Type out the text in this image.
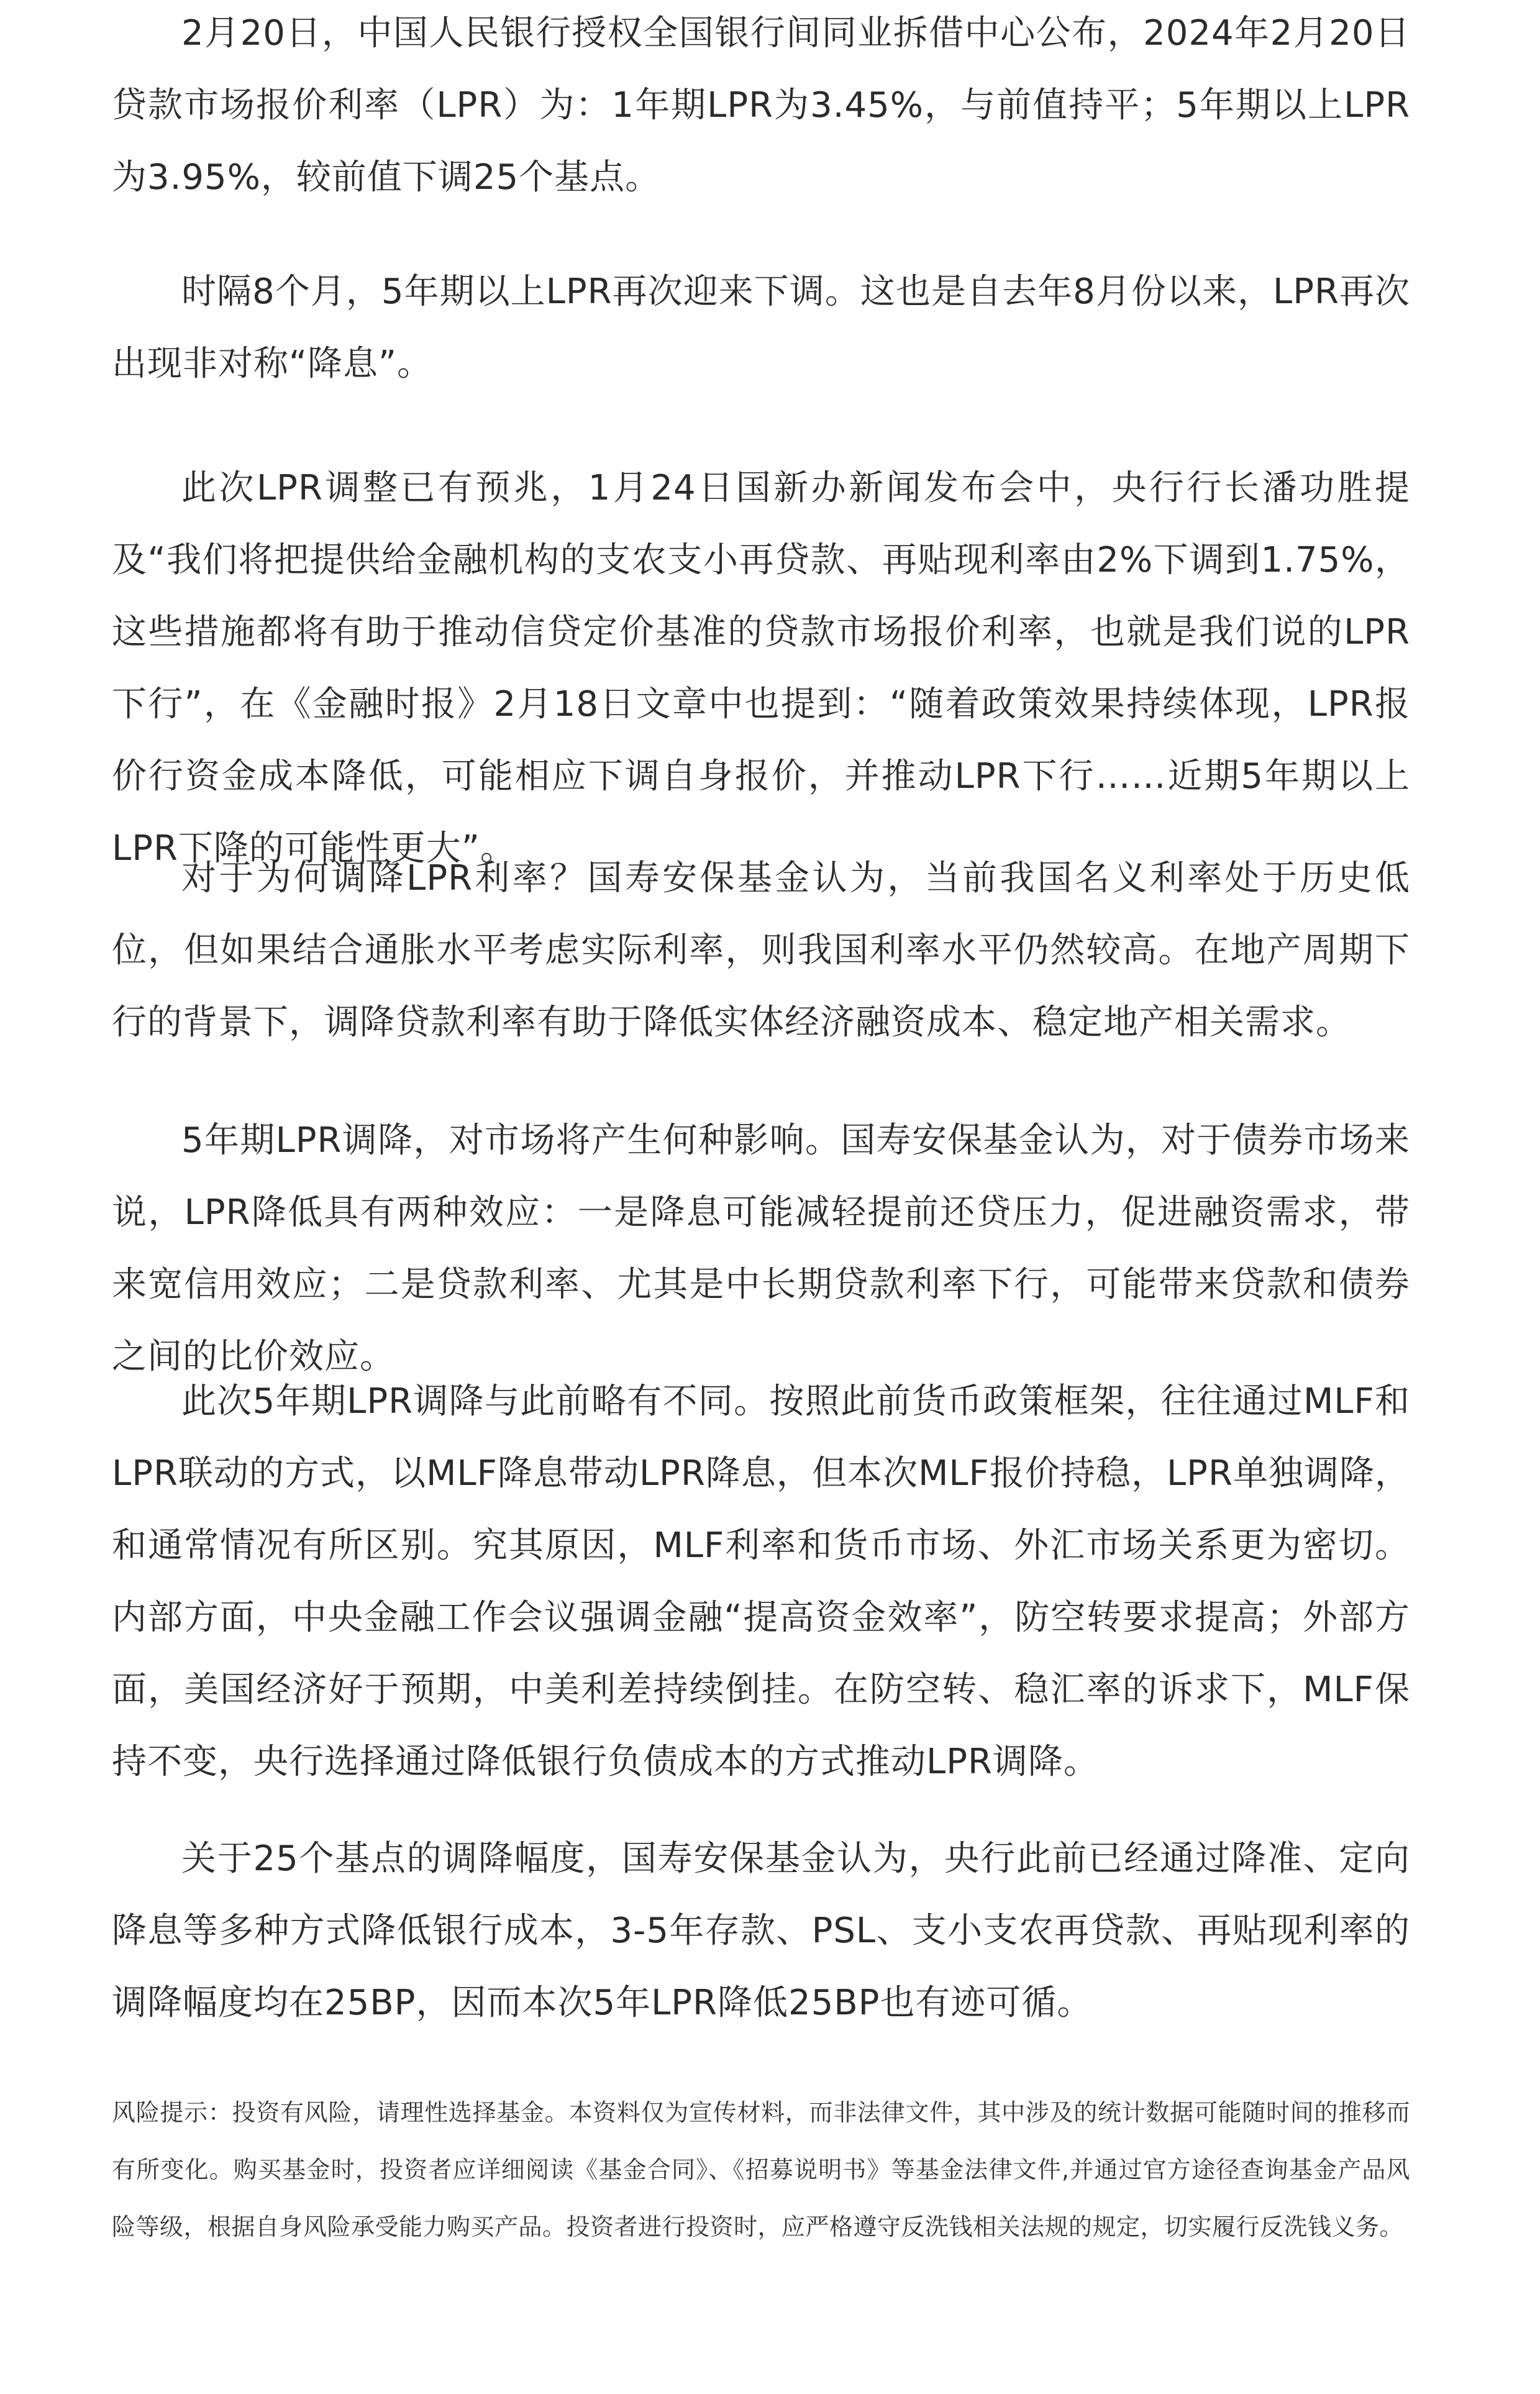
2月20日，中国人民银行授权全国银行间同业拆借中心公布，2024年2月20日贷款市场报价利率（LPR）为：1年期LPR为3.45%，与前值持平；5年期以上LPR为3.95%，较前值下调25个基点。

时隔8个月，5年期以上LPR再次迎来下调。这也是自去年8月份以来，LPR再次出现非对称“降息”。

此次LPR调整已有预兆，1月24日国新办新闻发布会中，央行行长潘功胜提及“我们将把提供给金融机构的支农支小再贷款、再贴现利率由2%下调到1.75%，这些措施都将有助于推动信贷定价基准的贷款市场报价利率，也就是我们说的LPR下行”，在《金融时报》2月18日文章中也提到：“随着政策效果持续体现，LPR报价行资金成本降低，可能相应下调自身报价，并推动LPR下行……近期5年期以上LPR下降的可能性更大”。

对于为何调降LPR利率？国寿安保基金认为，当前我国名义利率处于历史低位，但如果结合通胀水平考虑实际利率，则我国利率水平仍然较高。在地产周期下行的背景下，调降贷款利率有助于降低实体经济融资成本、稳定地产相关需求。

5年期LPR调降，对市场将产生何种影响。国寿安保基金认为，对于债券市场来说，LPR降低具有两种效应：一是降息可能减轻提前还贷压力，促进融资需求，带来宽信用效应；二是贷款利率、尤其是中长期贷款利率下行，可能带来贷款和债券之间的比价效应。

此次5年期LPR调降与此前略有不同。按照此前货币政策框架，往往通过MLF和LPR联动的方式，以MLF降息带动LPR降息，但本次MLF报价持稳，LPR单独调降，和通常情况有所区别。究其原因，MLF利率和货币市场、外汇市场关系更为密切。内部方面，中央金融工作会议强调金融“提高资金效率”，防空转要求提高；外部方面，美国经济好于预期，中美利差持续倒挂。在防空转、稳汇率的诉求下，MLF保持不变，央行选择通过降低银行负债成本的方式推动LPR调降。

关于25个基点的调降幅度，国寿安保基金认为，央行此前已经通过降准、定向降息等多种方式降低银行成本，3-5年存款、PSL、支小支农再贷款、再贴现利率的调降幅度均在25BP，因而本次5年LPR降低25BP也有迹可循。

风险提示：投资有风险，请理性选择基金。本资料仅为宣传材料，而非法律文件，其中涉及的统计数据可能随时间的推移而有所变化。购买基金时，投资者应详细阅读《基金合同》、《招募说明书》等基金法律文件,并通过官方途径查询基金产品风险等级，根据自身风险承受能力购买产品。投资者进行投资时，应严格遵守反洗钱相关法规的规定，切实履行反洗钱义务。
